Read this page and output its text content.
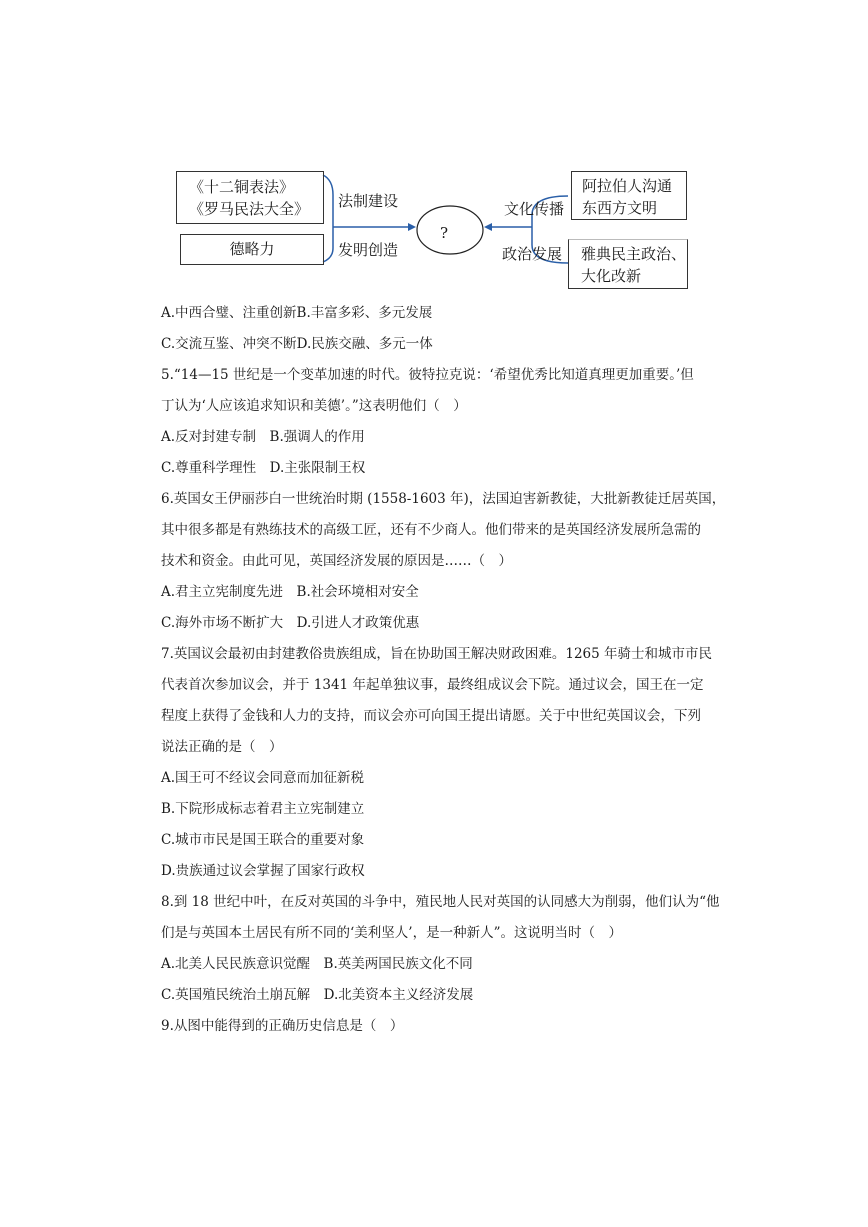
《十二铜表法》
《罗马民法大全》
德略力
法制建设
发明创造
?
文化传播
政治发展
阿拉伯人沟通
东西方文明
雅典民主政治、
大化改新
A.中西合璧、注重创新B.丰富多彩、多元发展
C.交流互鉴、冲突不断D.民族交融、多元一体
5.“14—15 世纪是一个变革加速的时代。彼特拉克说：‘希望优秀比知道真理更加重要。’但
丁认为‘人应该追求知识和美德’。”这表明他们（　）
A.反对封建专制　B.强调人的作用
C.尊重科学理性　D.主张限制王权
6.英国女王伊丽莎白一世统治时期 (1558-1603 年)，法国迫害新教徒，大批新教徒迁居英国，
其中很多都是有熟练技术的高级工匠，还有不少商人。他们带来的是英国经济发展所急需的
技术和资金。由此可见，英国经济发展的原因是……（　）
A.君主立宪制度先进　B.社会环境相对安全
C.海外市场不断扩大　D.引进人才政策优惠
7.英国议会最初由封建教俗贵族组成，旨在协助国王解决财政困难。1265 年骑士和城市市民
代表首次参加议会，并于 1341 年起单独议事，最终组成议会下院。通过议会，国王在一定
程度上获得了金钱和人力的支持，而议会亦可向国王提出请愿。关于中世纪英国议会，下列
说法正确的是（　）
A.国王可不经议会同意而加征新税
B.下院形成标志着君主立宪制建立
C.城市市民是国王联合的重要对象
D.贵族通过议会掌握了国家行政权
8.到 18 世纪中叶，在反对英国的斗争中，殖民地人民对英国的认同感大为削弱，他们认为“他
们是与英国本土居民有所不同的‘美利坚人’，是一种新人”。这说明当时（　）
A.北美人民民族意识觉醒　B.英美两国民族文化不同
C.英国殖民统治土崩瓦解　D.北美资本主义经济发展
9.从图中能得到的正确历史信息是（　）
